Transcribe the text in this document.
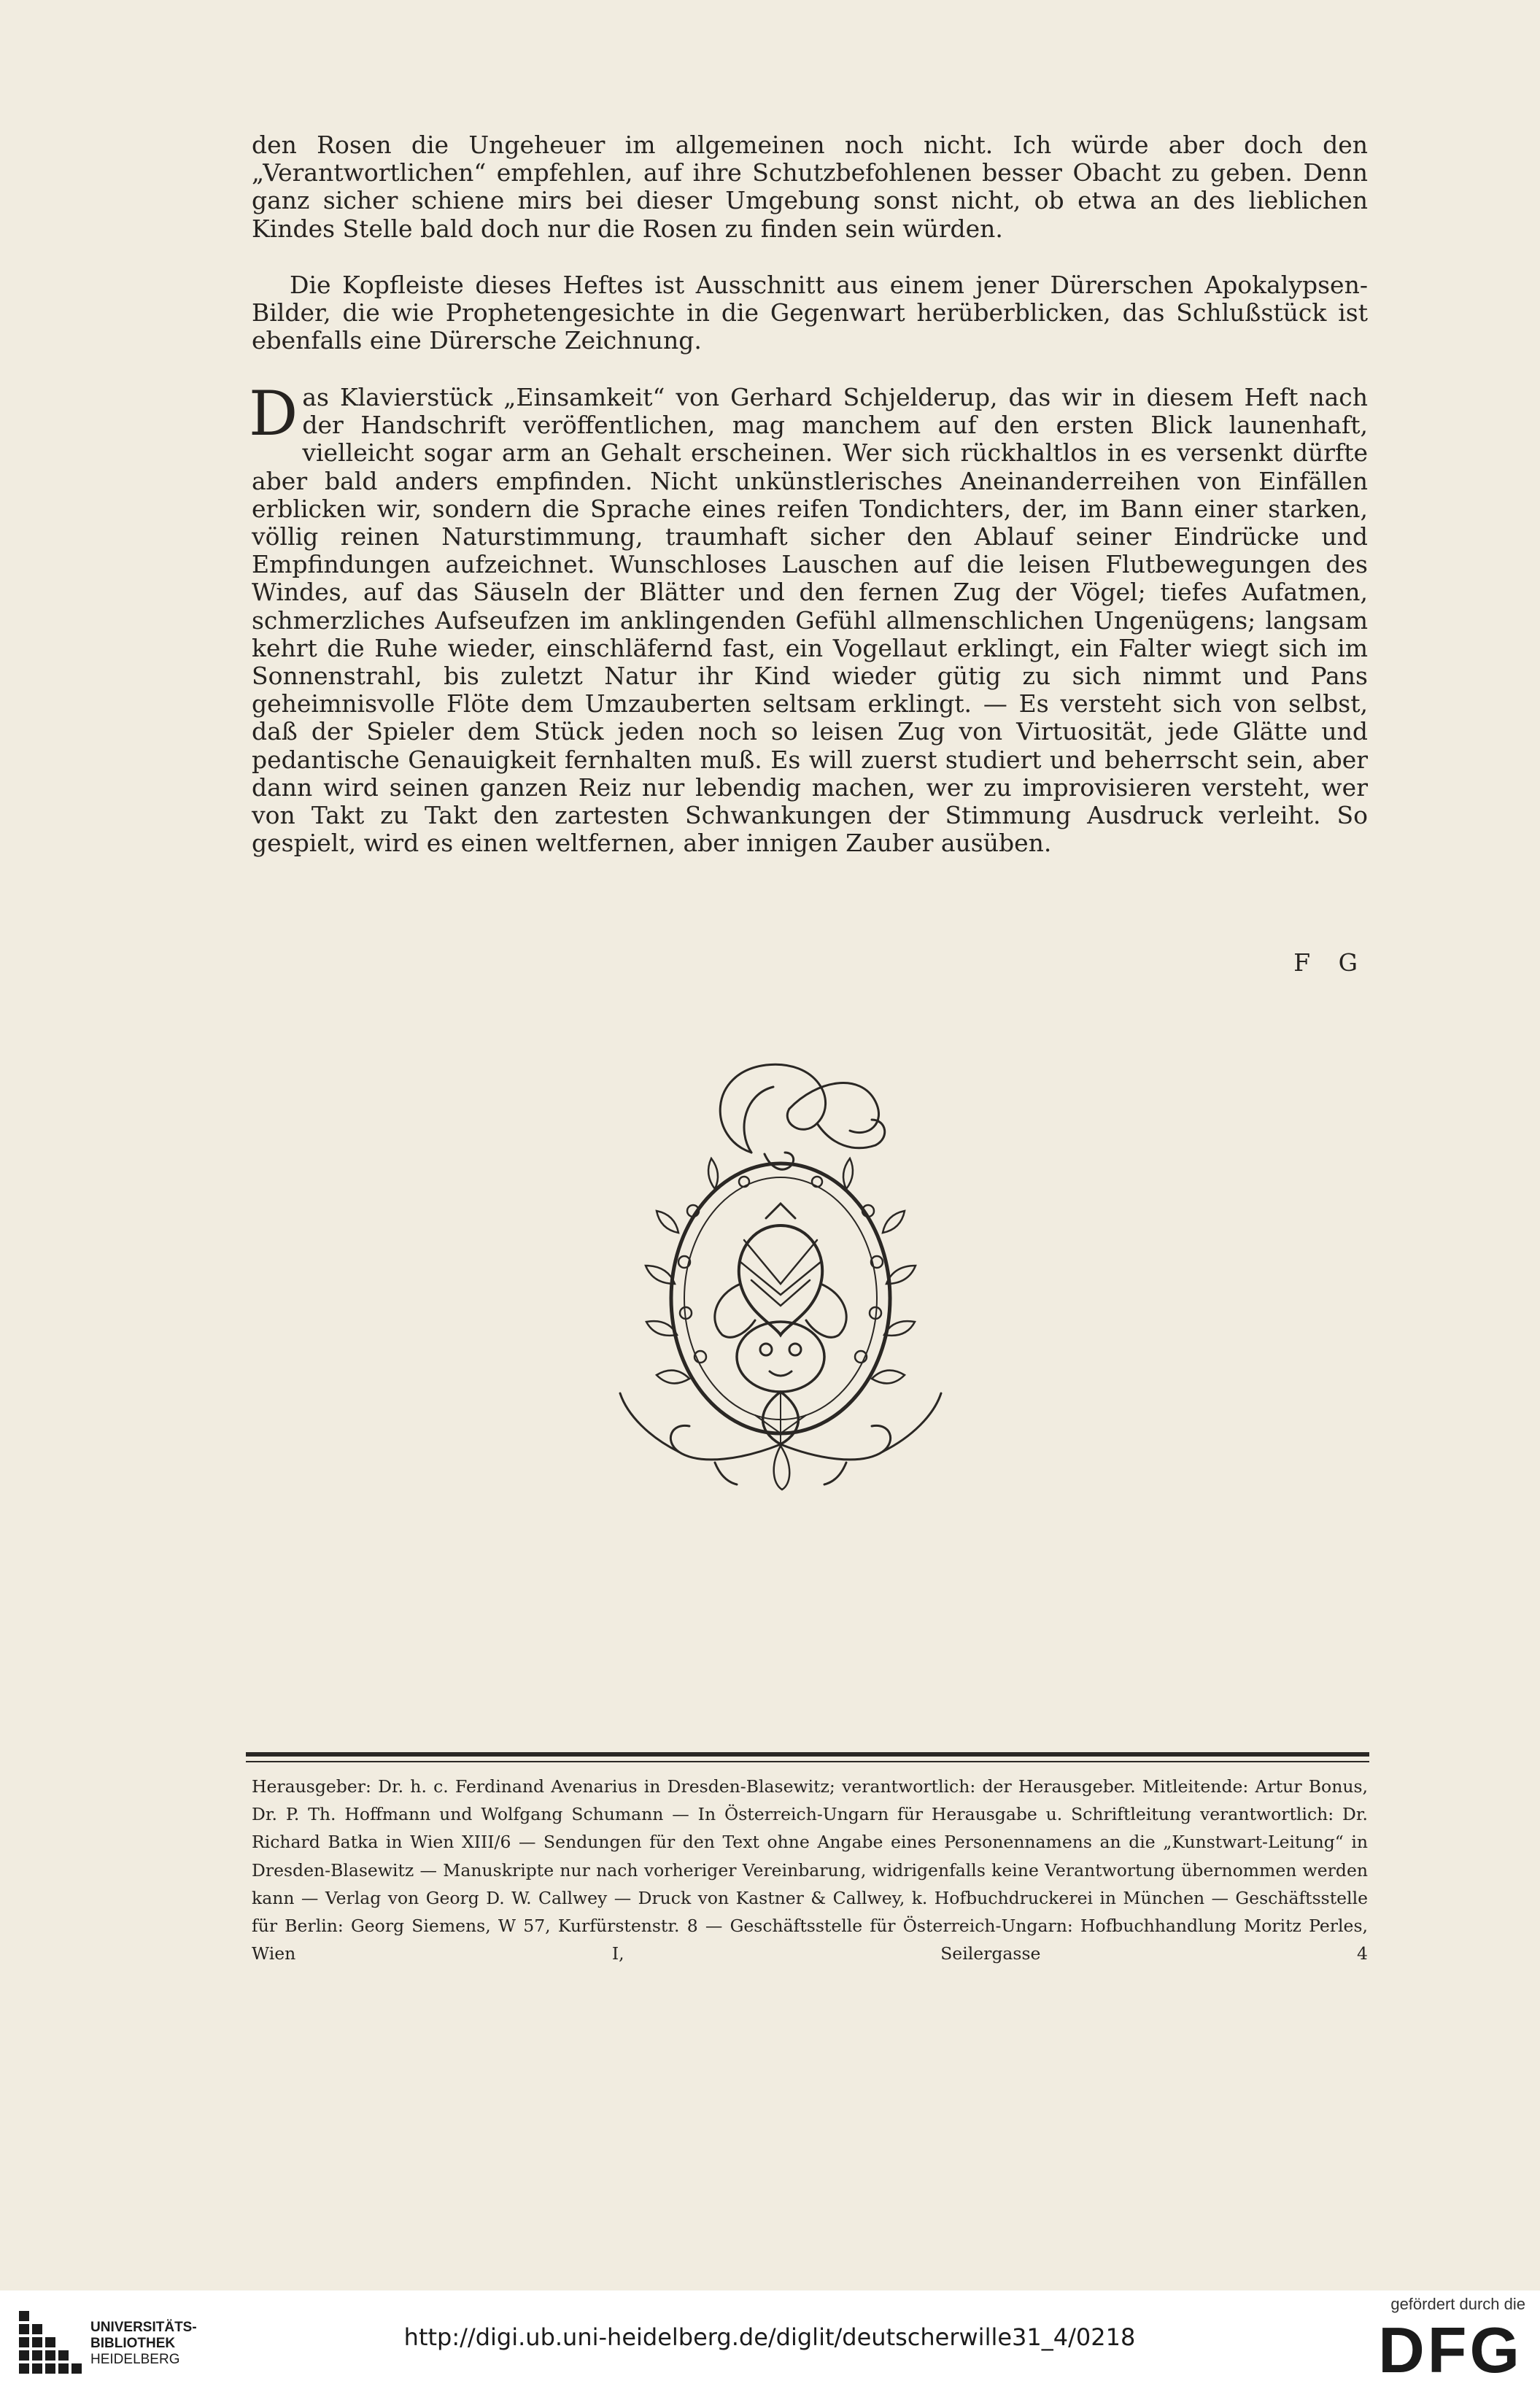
den Rosen die Ungeheuer im allgemeinen noch nicht. Ich würde aber doch den „Verantwortlichen“ empfehlen, auf ihre Schutzbefohlenen besser Obacht zu geben. Denn ganz sicher schiene mirs bei dieser Umgebung sonst nicht, ob etwa an des lieblichen Kindes Stelle bald doch nur die Rosen zu finden sein würden.

Die Kopfleiste dieses Heftes ist Ausschnitt aus einem jener Dürerschen Apokalypsen-Bilder, die wie Prophetengesichte in die Gegenwart herüberblicken, das Schlußstück ist ebenfalls eine Dürersche Zeichnung.

Das Klavierstück „Einsamkeit“ von Gerhard Schjelderup, das wir in diesem Heft nach der Handschrift veröffentlichen, mag manchem auf den ersten Blick launenhaft, vielleicht sogar arm an Gehalt erscheinen. Wer sich rückhaltlos in es versenkt dürfte aber bald anders empfinden. Nicht unkünstlerisches Aneinanderreihen von Einfällen erblicken wir, sondern die Sprache eines reifen Tondichters, der, im Bann einer starken, völlig reinen Naturstimmung, traumhaft sicher den Ablauf seiner Eindrücke und Empfindungen aufzeichnet. Wunschloses Lauschen auf die leisen Flutbewegungen des Windes, auf das Säuseln der Blätter und den fernen Zug der Vögel; tiefes Aufatmen, schmerzliches Aufseufzen im anklingenden Gefühl allmenschlichen Ungenügens; langsam kehrt die Ruhe wieder, einschläfernd fast, ein Vogellaut erklingt, ein Falter wiegt sich im Sonnenstrahl, bis zuletzt Natur ihr Kind wieder gütig zu sich nimmt und Pans geheimnisvolle Flöte dem Umzauberten seltsam erklingt. — Es versteht sich von selbst, daß der Spieler dem Stück jeden noch so leisen Zug von Virtuosität, jede Glätte und pedantische Genauigkeit fernhalten muß. Es will zuerst studiert und beherrscht sein, aber dann wird seinen ganzen Reiz nur lebendig machen, wer zu improvisieren versteht, wer von Takt zu Takt den zartesten Schwankungen der Stimmung Ausdruck verleiht. So gespielt, wird es einen weltfernen, aber innigen Zauber ausüben.

F G

Herausgeber: Dr. h. c. Ferdinand Avenarius in Dresden-Blasewitz; verantwortlich: der Herausgeber. Mitleitende: Artur Bonus, Dr. P. Th. Hoffmann und Wolfgang Schumann — In Österreich-Ungarn für Herausgabe u. Schriftleitung verantwortlich: Dr. Richard Batka in Wien XIII/6 — Sendungen für den Text ohne Angabe eines Personennamens an die „Kunstwart-Leitung“ in Dresden-Blasewitz — Manuskripte nur nach vorheriger Vereinbarung, widrigenfalls keine Verantwortung übernommen werden kann — Verlag von Georg D. W. Callwey — Druck von Kastner & Callwey, k. Hofbuchdruckerei in München — Geschäftsstelle für Berlin: Georg Siemens, W 57, Kurfürstenstr. 8 — Geschäftsstelle für Österreich-Ungarn: Hofbuchhandlung Moritz Perles, Wien I, Seilergasse 4

UNIVERSITÄTS-
BIBLIOTHEK
HEIDELBERG
http://digi.ub.uni-heidelberg.de/diglit/deutscherwille31_4/0218
gefördert durch die
DFG
